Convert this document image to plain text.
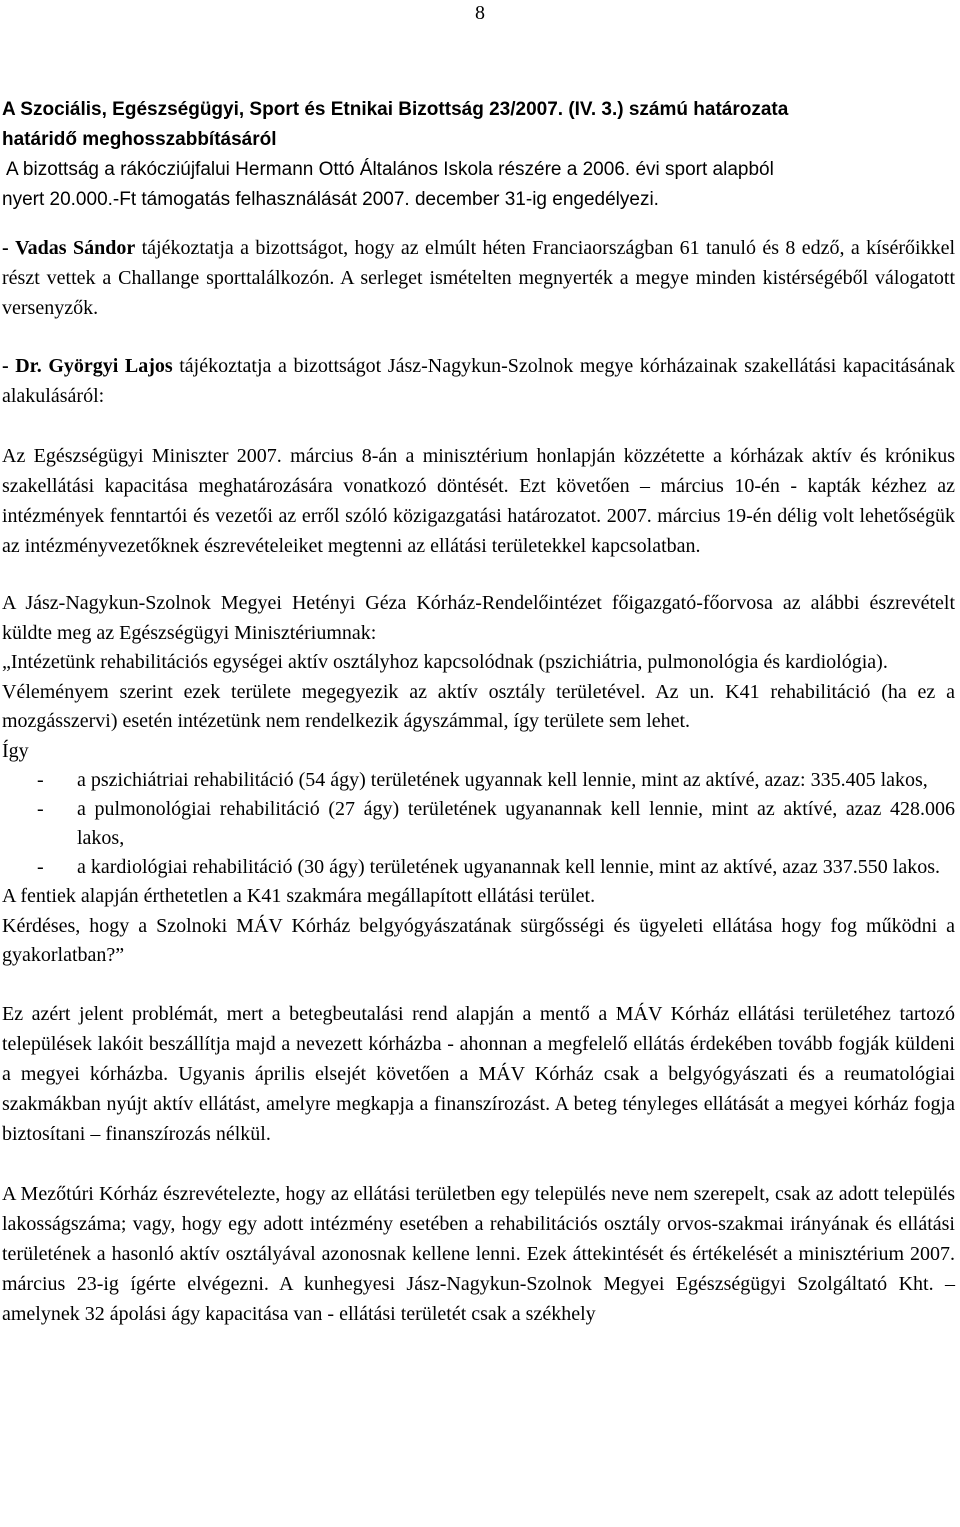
8

A Szociális, Egészségügyi, Sport és Etnikai Bizottság 23/2007. (IV. 3.) számú határozata
határidő meghosszabbításáról

A bizottság a rákócziújfalui Hermann Ottó Általános Iskola részére a 2006. évi sport alapból
nyert 20.000.-Ft támogatás felhasználását 2007. december 31-ig engedélyezi.

- Vadas Sándor tájékoztatja a bizottságot, hogy az elmúlt héten Franciaországban 61 tanuló és 8 edző, a kísérőikkel részt vettek a Challange sporttalálkozón. A serleget ismételten megnyerték a megye minden kistérségéből válogatott versenyzők.

- Dr. Györgyi Lajos tájékoztatja a bizottságot Jász-Nagykun-Szolnok megye kórházainak szakellátási kapacitásának alakulásáról:

Az Egészségügyi Miniszter 2007. március 8-án a minisztérium honlapján közzétette a kórházak aktív és krónikus szakellátási kapacitása meghatározására vonatkozó döntését. Ezt követően – március 10-én - kapták kézhez az intézmények fenntartói és vezetői az erről szóló közigazgatási határozatot. 2007. március 19-én délig volt lehetőségük az intézményvezetőknek észrevételeiket megtenni az ellátási területekkel kapcsolatban.

A Jász-Nagykun-Szolnok Megyei Hetényi Géza Kórház-Rendelőintézet főigazgató-főorvosa az alábbi észrevételt küldte meg az Egészségügyi Minisztériumnak:

„Intézetünk rehabilitációs egységei aktív osztályhoz kapcsolódnak (pszichiátria, pulmonológia és kardiológia).

Véleményem szerint ezek területe megegyezik az aktív osztály területével. Az un. K41 rehabilitáció (ha ez a mozgásszervi) esetén intézetünk nem rendelkezik ágyszámmal, így területe sem lehet.

Így

- a pszichiátriai rehabilitáció (54 ágy) területének ugyannak kell lennie, mint az aktívé, azaz: 335.405 lakos,
- a pulmonológiai rehabilitáció (27 ágy) területének ugyanannak kell lennie, mint az aktívé, azaz 428.006 lakos,
- a kardiológiai rehabilitáció (30 ágy) területének ugyanannak kell lennie, mint az aktívé, azaz 337.550 lakos.

A fentiek alapján érthetetlen a K41 szakmára megállapított ellátási terület.

Kérdéses, hogy a Szolnoki MÁV Kórház belgyógyászatának sürgősségi és ügyeleti ellátása hogy fog működni a gyakorlatban?”

Ez azért jelent problémát, mert a betegbeutalási rend alapján a mentő a MÁV Kórház ellátási területéhez tartozó települések lakóit beszállítja majd a nevezett kórházba - ahonnan a megfelelő ellátás érdekében tovább fogják küldeni a megyei kórházba. Ugyanis április elsejét követően a MÁV Kórház csak a belgyógyászati és a reumatológiai szakmákban nyújt aktív ellátást, amelyre megkapja a finanszírozást. A beteg tényleges ellátását a megyei kórház fogja biztosítani – finanszírozás nélkül.

A Mezőtúri Kórház észrevételezte, hogy az ellátási területben egy település neve nem szerepelt, csak az adott település lakosságszáma; vagy, hogy egy adott intézmény esetében a rehabilitációs osztály orvos-szakmai irányának és ellátási területének a hasonló aktív osztályával azonosnak kellene lenni. Ezek áttekintését és értékelését a minisztérium 2007. március 23-ig ígérte elvégezni. A kunhegyesi Jász-Nagykun-Szolnok Megyei Egészségügyi Szolgáltató Kht. – amelynek 32 ápolási ágy kapacitása van - ellátási területét csak a székhely
